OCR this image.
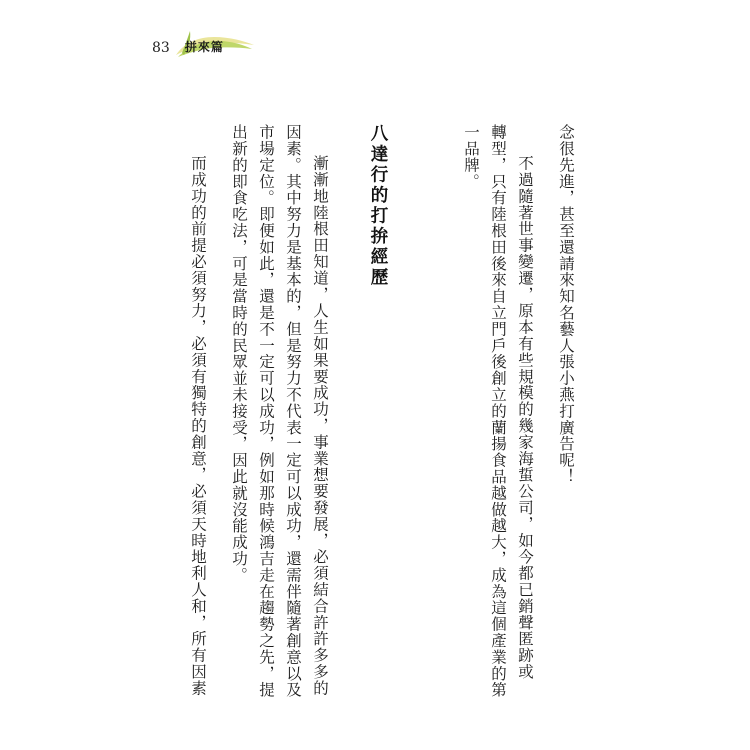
83 拼來篇
念很先進，甚至還請來知名藝人張小燕打廣告呢！
不過隨著世事變遷，原本有些規模的幾家海蜇公司，如今都已銷聲匿跡或
轉型，只有陸根田後來自立門戶後創立的蘭揚食品越做越大，成為這個產業的第
一品牌。
八達行的打拚經歷
漸漸地陸根田知道，人生如果要成功，事業想要發展，必須結合許許多多的
因素。其中努力是基本的，但是努力不代表一定可以成功，還需伴隨著創意以及
市場定位。即便如此，還是不一定可以成功，例如那時候鴻吉走在趨勢之先，提
出新的即食吃法，可是當時的民眾並未接受，因此就沒能成功。
而成功的前提必須努力，必須有獨特的創意，必須天時地利人和，所有因素
